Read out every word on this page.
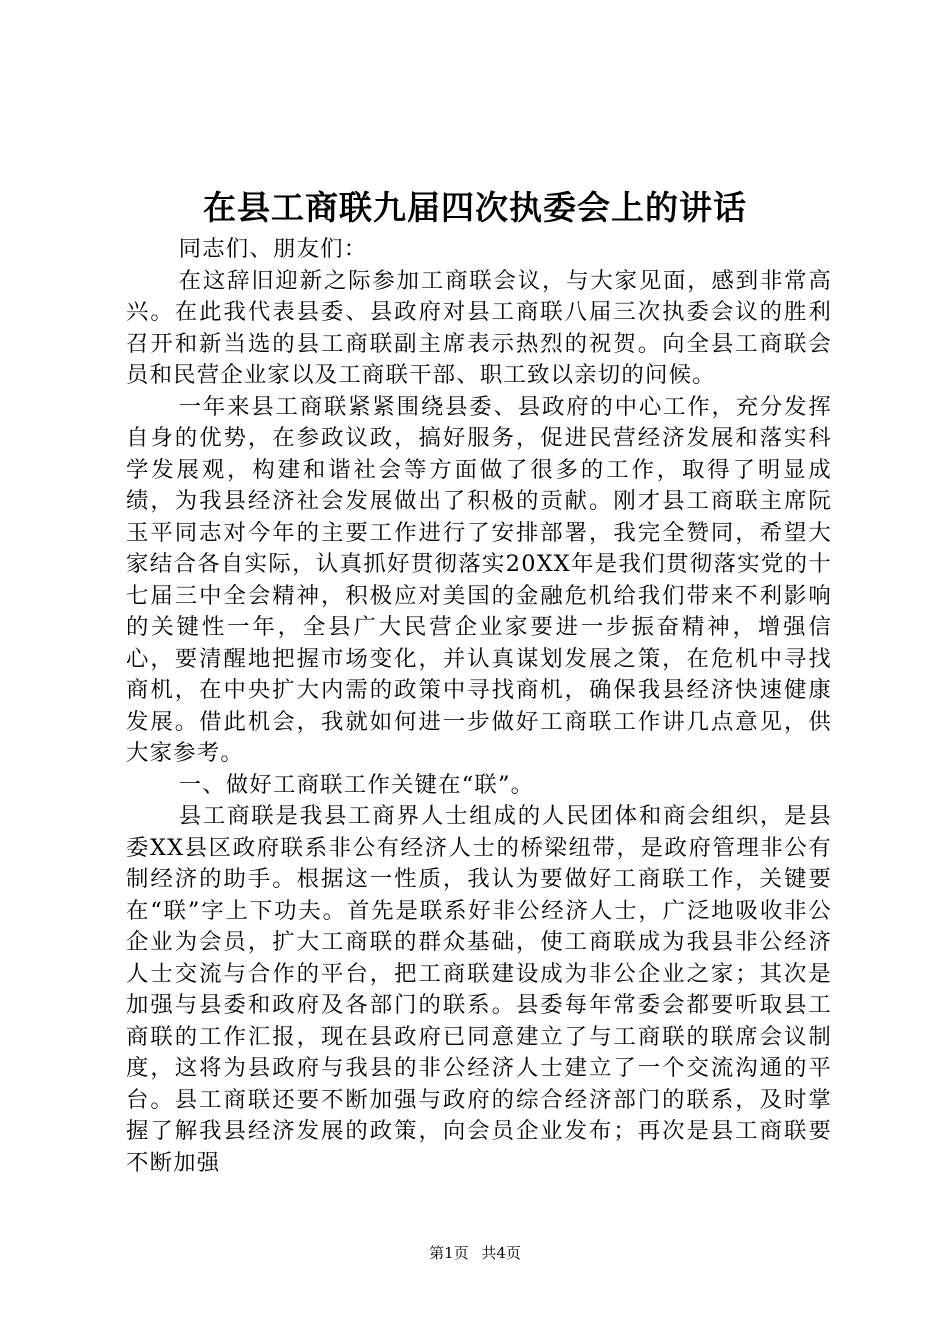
在县工商联九届四次执委会上的讲话

同志们、朋友们：

在这辞旧迎新之际参加工商联会议，与大家见面，感到非常高兴。在此我代表县委、县政府对县工商联八届三次执委会议的胜利召开和新当选的县工商联副主席表示热烈的祝贺。向全县工商联会员和民营企业家以及工商联干部、职工致以亲切的问候。

一年来县工商联紧紧围绕县委、县政府的中心工作，充分发挥自身的优势，在参政议政，搞好服务，促进民营经济发展和落实科学发展观，构建和谐社会等方面做了很多的工作，取得了明显成绩，为我县经济社会发展做出了积极的贡献。刚才县工商联主席阮玉平同志对今年的主要工作进行了安排部署，我完全赞同，希望大家结合各自实际，认真抓好贯彻落实20XX年是我们贯彻落实党的十七届三中全会精神，积极应对美国的金融危机给我们带来不利影响的关键性一年，全县广大民营企业家要进一步振奋精神，增强信心，要清醒地把握市场变化，并认真谋划发展之策，在危机中寻找商机，在中央扩大内需的政策中寻找商机，确保我县经济快速健康发展。借此机会，我就如何进一步做好工商联工作讲几点意见，供大家参考。

一、做好工商联工作关键在“联”。

县工商联是我县工商界人士组成的人民团体和商会组织，是县委XX县区政府联系非公有经济人士的桥梁纽带，是政府管理非公有制经济的助手。根据这一性质，我认为要做好工商联工作，关键要在“联”字上下功夫。首先是联系好非公经济人士，广泛地吸收非公企业为会员，扩大工商联的群众基础，使工商联成为我县非公经济人士交流与合作的平台，把工商联建设成为非公企业之家；其次是加强与县委和政府及各部门的联系。县委每年常委会都要听取县工商联的工作汇报，现在县政府已同意建立了与工商联的联席会议制度，这将为县政府与我县的非公经济人士建立了一个交流沟通的平台。县工商联还要不断加强与政府的综合经济部门的联系，及时掌握了解我县经济发展的政策，向会员企业发布；再次是县工商联要不断加强

第1页 共4页
